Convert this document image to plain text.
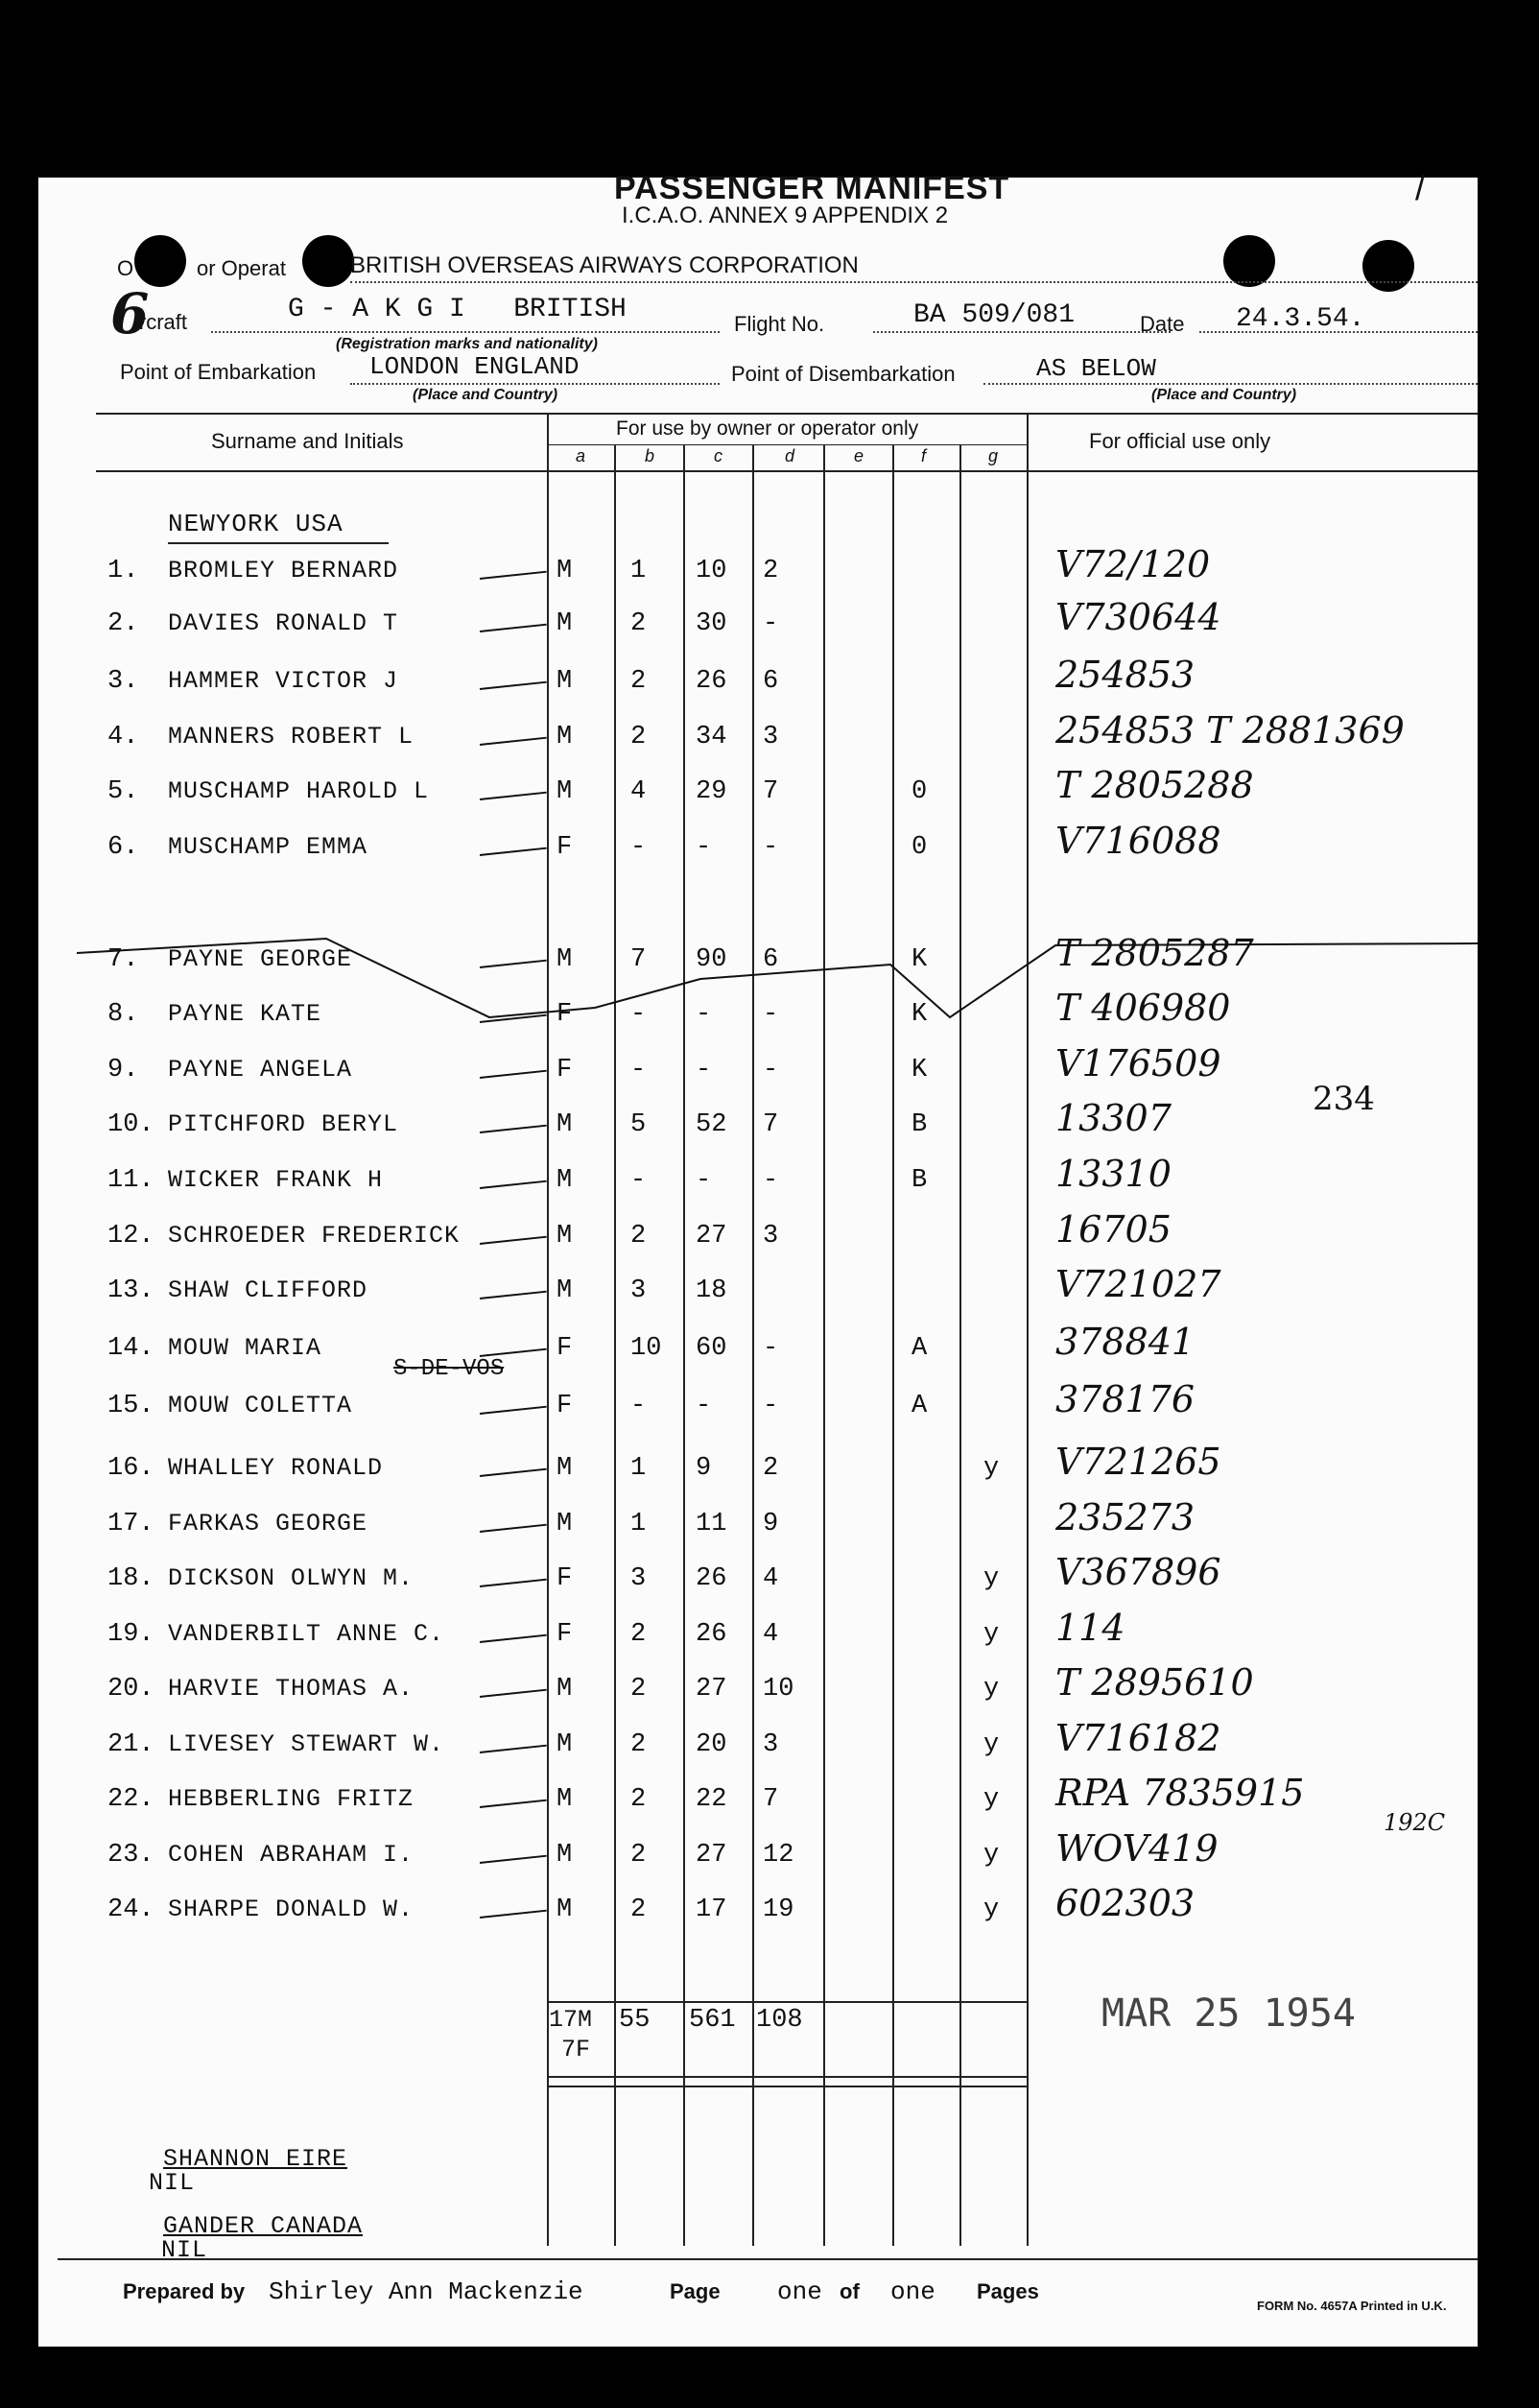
PASSENGER MANIFEST
I.C.A.O. ANNEX 9 APPENDIX 2
/
O	or Operat	BRITISH OVERSEAS AIRWAYS CORPORATION
6
ircraft	G - A K G I   BRITISH
(Registration marks and nationality)
Flight No.	BA 509/081	Date 24.3.54.
Point of Embarkation LONDON ENGLAND
(Place and Country)
Point of Disembarkation	AS BELOW
(Place and Country)
Surname and Initials
For use by owner or operator only
For official use only
a	b	c	d	e	f	g
NEWYORK USA
1. BROMLEY BERNARD	M 1 10 2	V72/120
2. DAVIES RONALD T	M 2 30 -	V730644
3. HAMMER VICTOR J	M 2 26 6	254853
4. MANNERS ROBERT L	M 2 34 3	254853 T 2881369
5. MUSCHAMP HAROLD L	M 4 29 7	0	T 2805288
6. MUSCHAMP EMMA	F - - -	0	V716088
7. PAYNE GEORGE	M 7 90 6	K	T 2805287
8. PAYNE KATE	F - - -	K	T 406980
9. PAYNE ANGELA	F - - -	K	V176509
10. PITCHFORD BERYL	M 5 52 7	B	13307
11. WICKER FRANK H	M - - -	B	13310
12. SCHROEDER FREDERICK	M 2 27 3	16705
13. SHAW CLIFFORD	M 3 18	V721027
14. MOUW MARIA	F 10 60 -	A	378841
15. MOUW COLETTA	F - - -	A	378176
16. WHALLEY RONALD	M 1 9 2	y V721265
17. FARKAS GEORGE	M 1 11 9	235273
18. DICKSON OLWYN M.	F 3 26 4	y V367896
19. VANDERBILT ANNE C.	F 2 26 4	y 114
20. HARVIE THOMAS A.	M 2 27 10	y T 2895610
21. LIVESEY STEWART W.	M 2 20 3	y V716182
22. HEBBERLING FRITZ	M 2 22 7	y RPA 7835915
23. COHEN ABRAHAM I.	M 2 27 12	y WOV419
24. SHARPE DONALD W.	M 2 17 19	y 602303
S-DE-VOS
234
192C
17M
7F
55 561 108	MAR 25 1954
SHANNON EIRE
NIL
GANDER CANADA
NIL
Prepared by Shirley Ann Mackenzie	Page one of one Pages
FORM No. 4657A Printed in U.K.
